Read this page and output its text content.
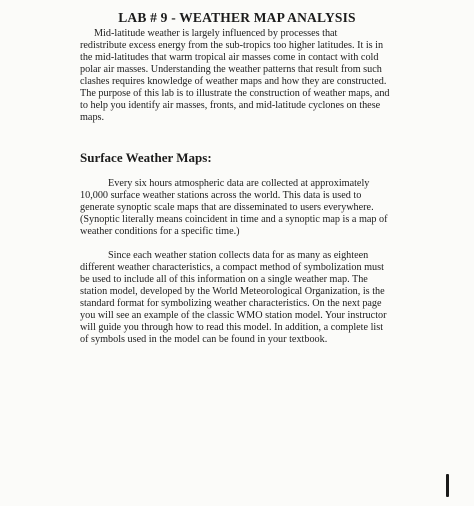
LAB # 9 - WEATHER MAP ANALYSIS
Mid-latitude weather is largely influenced by processes that
redistribute excess energy from the sub-tropics too higher latitudes. It is in
the mid-latitudes that warm tropical air masses come in contact with cold
polar air masses. Understanding the weather patterns that result from such
clashes requires knowledge of weather maps and how they are constructed.
The purpose of this lab is to illustrate the construction of weather maps, and
to help you identify air masses, fronts, and mid-latitude cyclones on these
maps.
Surface Weather Maps:
Every six hours atmospheric data are collected at approximately
10,000 surface weather stations across the world. This data is used to
generate synoptic scale maps that are disseminated to users everywhere.
(Synoptic literally means coincident in time and a synoptic map is a map of
weather conditions for a specific time.)
Since each weather station collects data for as many as eighteen
different weather characteristics, a compact method of symbolization must
be used to include all of this information on a single weather map. The
station model, developed by the World Meteorological Organization, is the
standard format for symbolizing weather characteristics. On the next page
you will see an example of the classic WMO station model. Your instructor
will guide you through how to read this model. In addition, a complete list
of symbols used in the model can be found in your textbook.
